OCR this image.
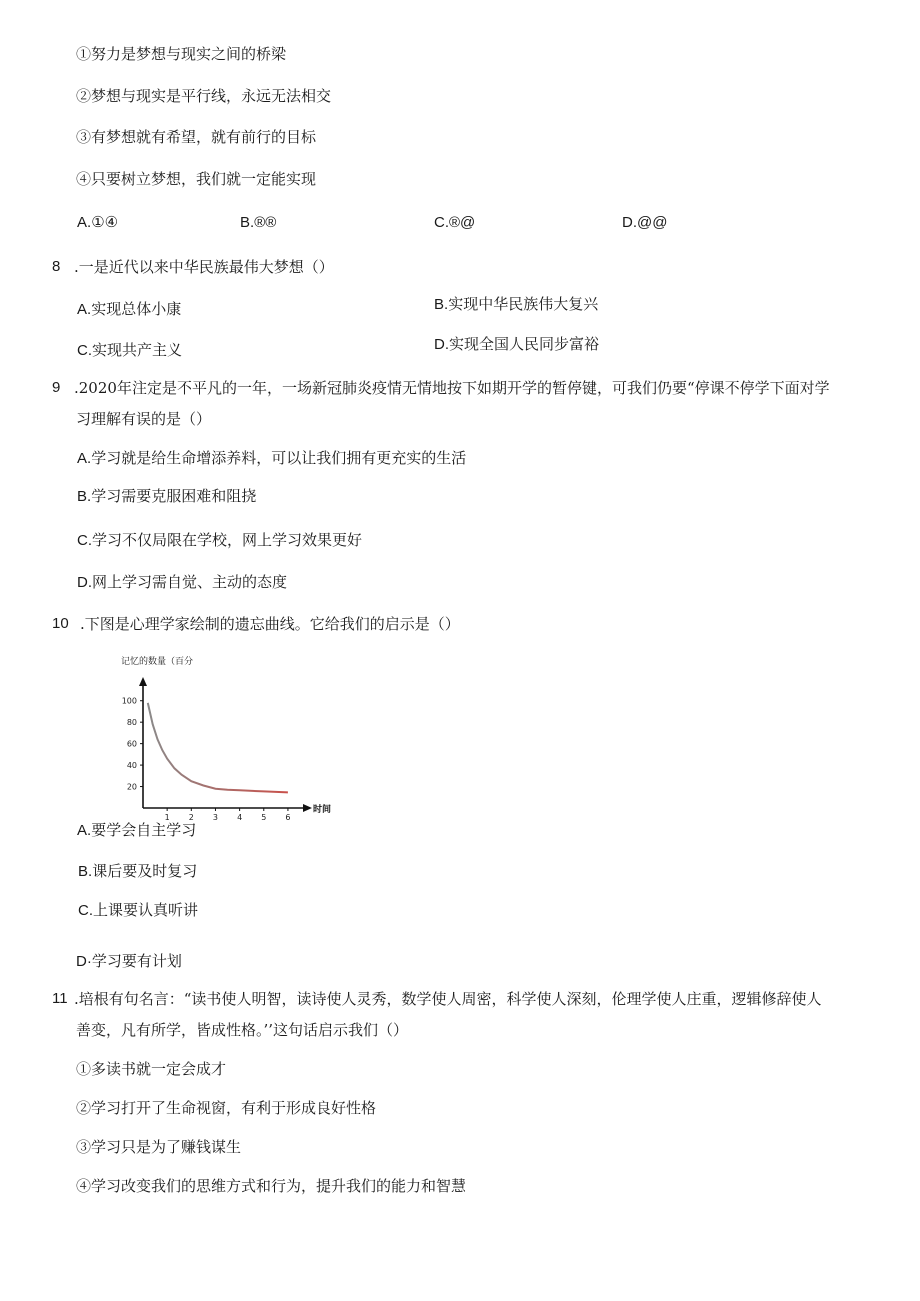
①努力是梦想与现实之间的桥梁
②梦想与现实是平行线，永远无法相交
③有梦想就有希望，就有前行的目标
④只要树立梦想，我们就一定能实现
A.①④	B.®®	C.®@	D.@@
8 .一是近代以来中华民族最伟大梦想（）
A.实现总体小康	B.实现中华民族伟大复兴
C.实现共产主义	D.实现全国人民同步富裕
9 .2020年注定是不平凡的一年，一场新冠肺炎疫情无情地按下如期开学的暂停键，可我们仍要“停课不停学下面对学
习理解有误的是（）
A.学习就是给生命增添养料，可以让我们拥有更充实的生活
B.学习需要克服困难和阻挠
C.学习不仅局限在学校，网上学习效果更好
D.网上学习需自觉、主动的态度
10 .下图是心理学家绘制的遗忘曲线。它给我们的启示是（）
记忆的数量（百分
时间
100
80
60
40
20
1 2 3 4 5 6
A.要学会自主学习
B.课后要及时复习
C.上课要认真听讲
D·学习要有计划
11 .培根有句名言：“读书使人明智，读诗使人灵秀，数学使人周密，科学使人深刻，伦理学使人庄重，逻辑修辞使人
善变，凡有所学，皆成性格。’’这句话启示我们（）
①多读书就一定会成才
②学习打开了生命视窗，有利于形成良好性格
③学习只是为了赚钱谋生
④学习改变我们的思维方式和行为，提升我们的能力和智慧
